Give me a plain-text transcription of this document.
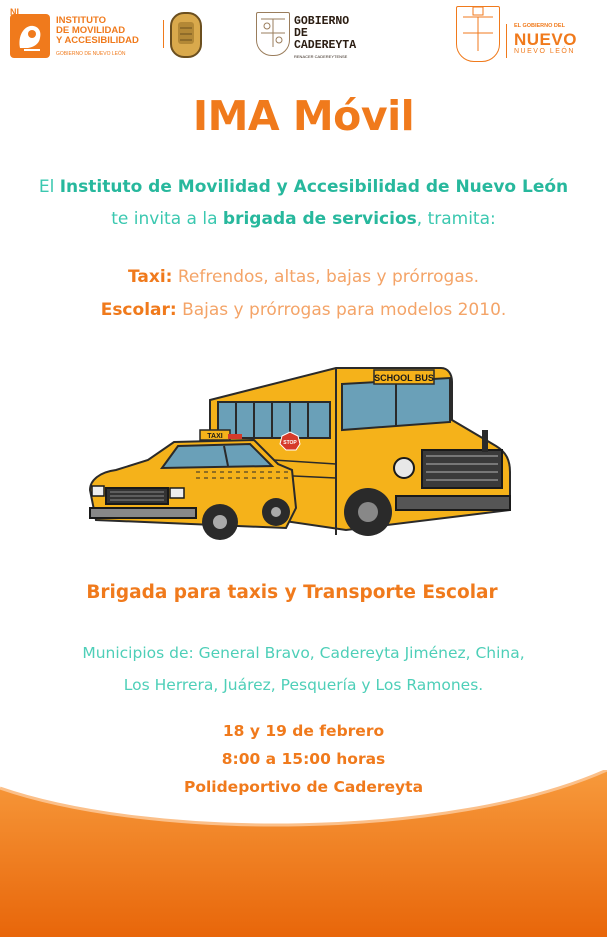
NL
INSTITUTO
DE MOVILIDAD
Y ACCESIBILIDAD
GOBIERNO DE NUEVO LEÓN
GOBIERNO
DE
CADEREYTA
RENACER CADEREYTENSE
EL GOBIERNO DEL
NUEVO
NUEVO LEÓN
IMA Móvil
El Instituto de Movilidad y Accesibilidad de Nuevo León
te invita a la brigada de servicios, tramita:
Taxi: Refrendos, altas, bajas y prórrogas.
Escolar: Bajas y prórrogas para modelos 2010.
SCHOOL BUS
STOP
TAXI
Brigada para taxis y Transporte Escolar
Municipios de: General Bravo, Cadereyta Jiménez, China,
Los Herrera, Juárez, Pesquería y Los Ramones.
18 y 19 de febrero
8:00 a 15:00 horas
Polideportivo de Cadereyta
